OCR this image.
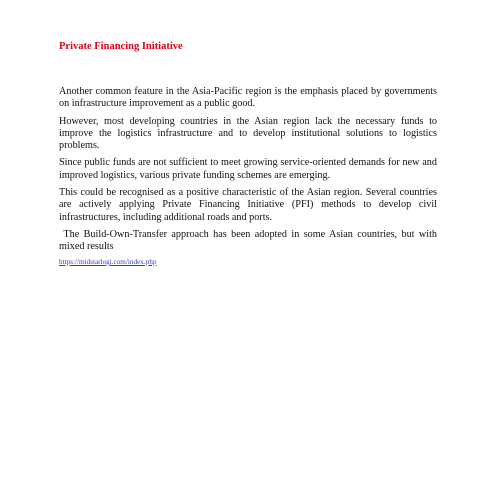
Private Financing Initiative

Another common feature in the Asia-Pacific region is the emphasis placed by governments on infrastructure improvement as a public good.

However, most developing countries in the Asian region lack the necessary funds to improve the logistics infrastructure and to develop institutional solutions to logistics problems.

Since public funds are not sufficient to meet growing service-oriented demands for new and improved logistics, various private funding schemes are emerging.

This could be recognised as a positive characteristic of the Asian region. Several countries are actively applying Private Financing Initiative (PFI) methods to develop civil infrastructures, including additional roads and ports.

The Build-Own-Transfer approach has been adopted in some Asian countries, but with mixed results

https://midstarlogi.com/index.php
